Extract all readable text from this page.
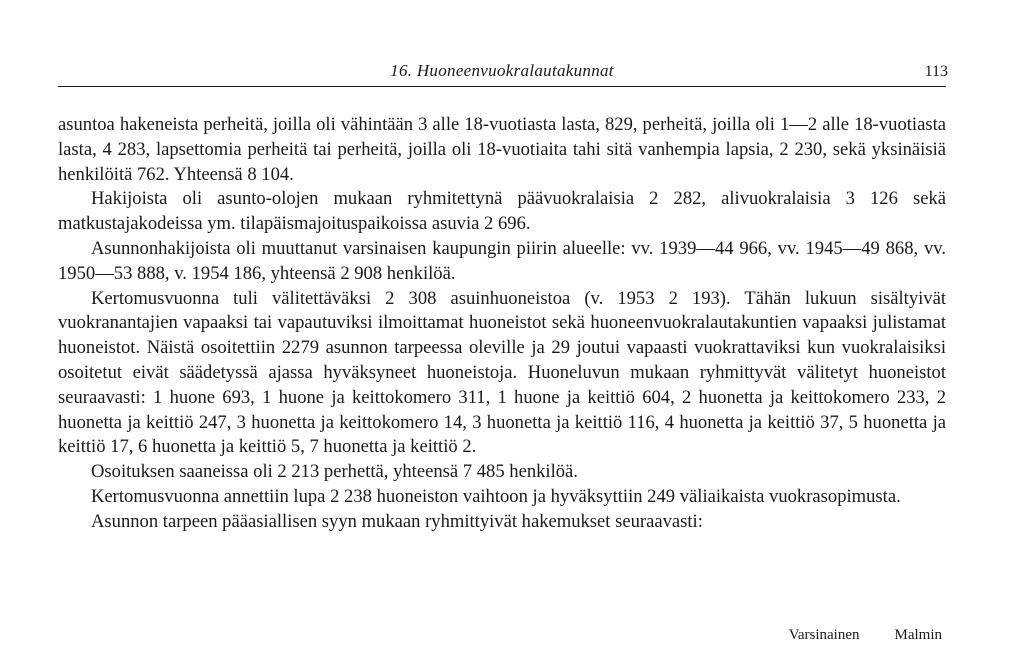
16. Huoneenvuokralautakunnat	113

asuntoa hakeneista perheitä, joilla oli vähintään 3 alle 18-vuotiasta lasta, 829, perheitä, joilla oli 1—2 alle 18-vuotiasta lasta, 4 283, lapsettomia perheitä tai perheitä, joilla oli 18-vuotiaita tahi sitä vanhempia lapsia, 2 230, sekä yksinäisiä henkilöitä 762. Yhteensä 8 104.

Hakijoista oli asunto-olojen mukaan ryhmitettynä päävuokralaisia 2 282, alivuokralaisia 3 126 sekä matkustajakodeissa ym. tilapäismajoituspaikoissa asuvia 2 696.

Asunnonhakijoista oli muuttanut varsinaisen kaupungin piirin alueelle: vv. 1939—44 966, vv. 1945—49 868, vv. 1950—53 888, v. 1954 186, yhteensä 2 908 henkilöä.

Kertomusvuonna tuli välitettäväksi 2 308 asuinhuoneistoa (v. 1953 2 193). Tähän lukuun sisältyivät vuokranantajien vapaaksi tai vapautuviksi ilmoittamat huoneistot sekä huoneenvuokralautakuntien vapaaksi julistamat huoneistot. Näistä osoitettiin 2279 asunnon tarpeessa oleville ja 29 joutui vapaasti vuokrattaviksi kun vuokralaisiksi osoitetut eivät säädetyssä ajassa hyväksyneet huoneistoja. Huoneluvun mukaan ryhmittyvät välitetyt huoneistot seuraavasti: 1 huone 693, 1 huone ja keittokomero 311, 1 huone ja keittiö 604, 2 huonetta ja keittokomero 233, 2 huonetta ja keittiö 247, 3 huonetta ja keittokomero 14, 3 huonetta ja keittiö 116, 4 huonetta ja keittiö 37, 5 huonetta ja keittiö 17, 6 huonetta ja keittiö 5, 7 huonetta ja keittiö 2.

Osoituksen saaneissa oli 2 213 perhettä, yhteensä 7 485 henkilöä.

Kertomusvuonna annettiin lupa 2 238 huoneiston vaihtoon ja hyväksyttiin 249 väliaikaista vuokrasopimusta.

Asunnon tarpeen pääasiallisen syyn mukaan ryhmittyivät hakemukset seuraavasti:

Varsinainen Malmin
